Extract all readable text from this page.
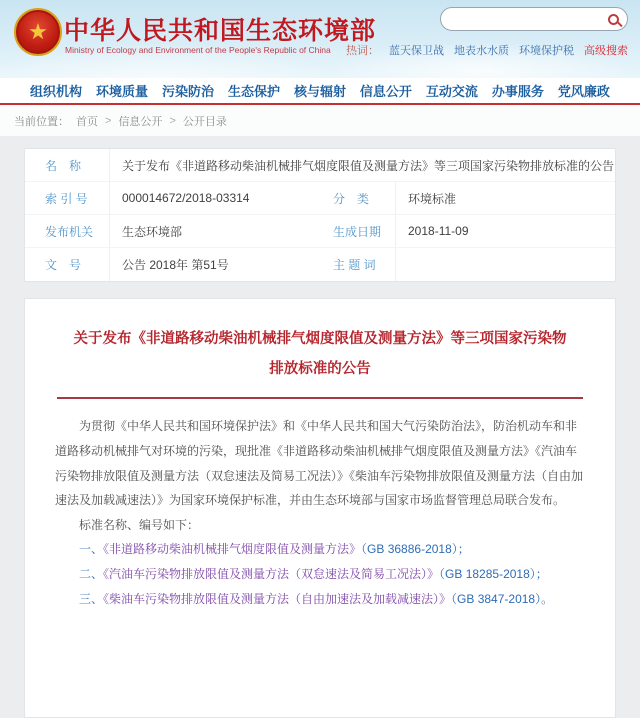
★ 中华人民共和国生态环境部
Ministry of Ecology and Environment of the People's Republic of China 热词： 蓝天保卫战 地表水水质 环境保护税 高级搜索
组织机构 环境质量 污染防治 生态保护 核与辐射 信息公开 互动交流 办事服务 党风廉政
当前位置： 首页 > 信息公开 > 公开目录
名　称	关于发布《非道路移动柴油机械排气烟度限值及测量方法》等三项国家污染物排放标准的公告
索 引 号	000014672/2018-03314	分　类	环境标准
发布机关	生态环境部	生成日期	2018-11-09
文　号	公告 2018年 第51号	主 题 词
关于发布《非道路移动柴油机械排气烟度限值及测量方法》等三项国家污染物排放标准的公告

为贯彻《中华人民共和国环境保护法》和《中华人民共和国大气污染防治法》，防治机动车和非道路移动机械排气对环境的污染，现批准《非道路移动柴油机械排气烟度限值及测量方法》《汽油车污染物排放限值及测量方法（双怠速法及简易工况法）》《柴油车污染物排放限值及测量方法（自由加速法及加载减速法）》为国家环境保护标准，并由生态环境部与国家市场监督管理总局联合发布。

标准名称、编号如下：

一、《非道路移动柴油机械排气烟度限值及测量方法》（GB 36886-2018）；
二、《汽油车污染物排放限值及测量方法（双怠速法及简易工况法）》（GB 18285-2018）；
三、《柴油车污染物排放限值及测量方法（自由加速法及加载减速法）》（GB 3847-2018）。
